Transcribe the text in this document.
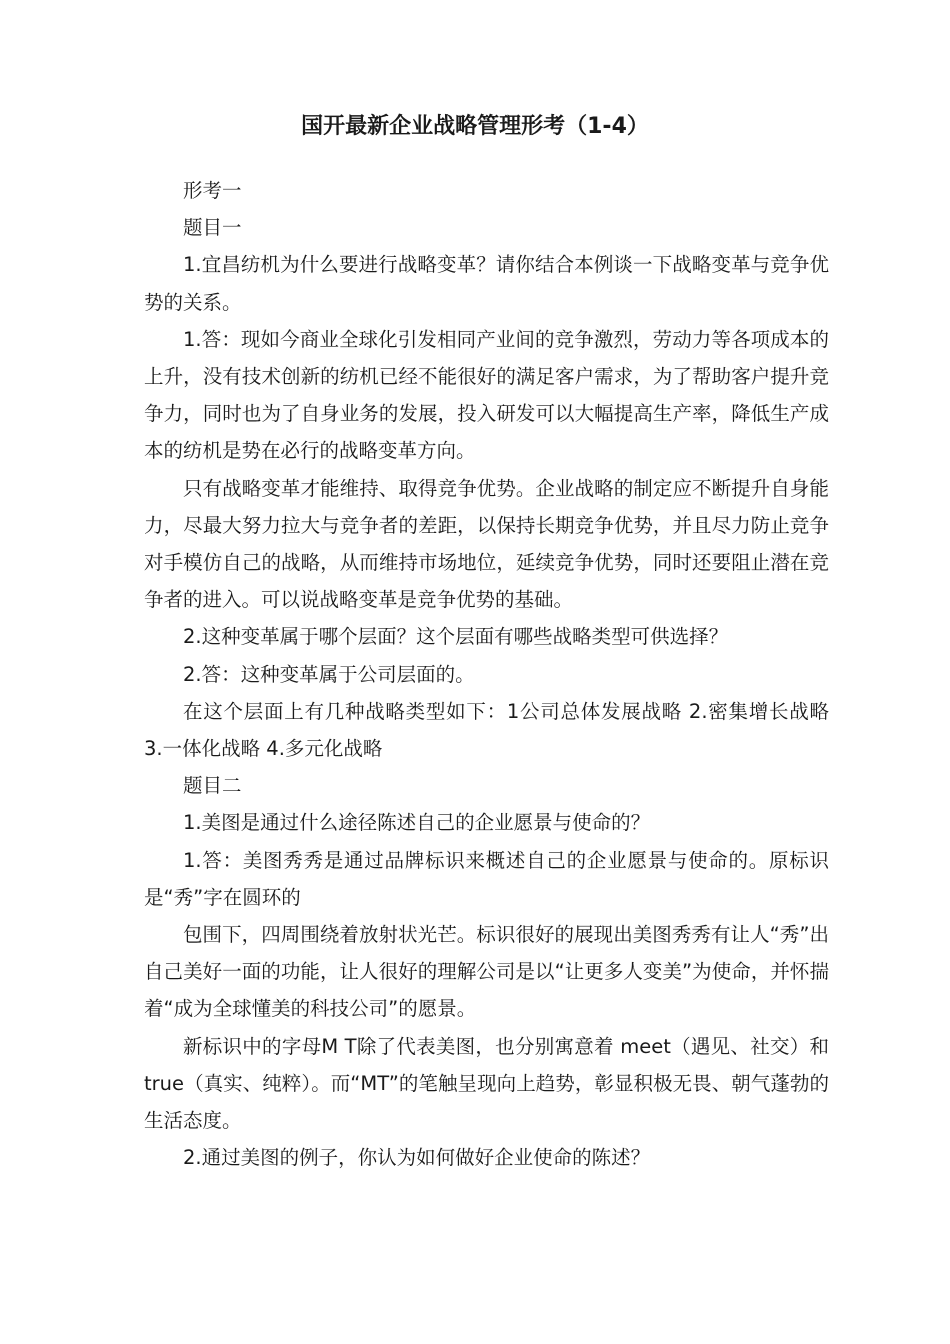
国开最新企业战略管理形考（1-4）

形考一

题目一

1.宜昌纺机为什么要进行战略变革？请你结合本例谈一下战略变革与竞争优势的关系。

1.答：现如今商业全球化引发相同产业间的竞争激烈，劳动力等各项成本的上升，没有技术创新的纺机已经不能很好的满足客户需求，为了帮助客户提升竞争力，同时也为了自身业务的发展，投入研发可以大幅提高生产率，降低生产成本的纺机是势在必行的战略变革方向。

只有战略变革才能维持、取得竞争优势。企业战略的制定应不断提升自身能力，尽最大努力拉大与竞争者的差距，以保持长期竞争优势，并且尽力防止竞争对手模仿自己的战略，从而维持市场地位，延续竞争优势，同时还要阻止潜在竞争者的进入。可以说战略变革是竞争优势的基础。

2.这种变革属于哪个层面？这个层面有哪些战略类型可供选择？

2.答：这种变革属于公司层面的。

在这个层面上有几种战略类型如下：1公司总体发展战略 2.密集增长战略 3.一体化战略 4.多元化战略

题目二

1.美图是通过什么途径陈述自己的企业愿景与使命的？

1.答：美图秀秀是通过品牌标识来概述自己的企业愿景与使命的。原标识是“秀”字在圆环的

包围下，四周围绕着放射状光芒。标识很好的展现出美图秀秀有让人“秀”出自己美好一面的功能，让人很好的理解公司是以“让更多人变美”为使命，并怀揣着“成为全球懂美的科技公司”的愿景。

新标识中的字母M T除了代表美图，也分别寓意着 meet（遇见、社交）和 true（真实、纯粹）。而“MT”的笔触呈现向上趋势，彰显积极无畏、朝气蓬勃的生活态度。

2.通过美图的例子，你认为如何做好企业使命的陈述？
